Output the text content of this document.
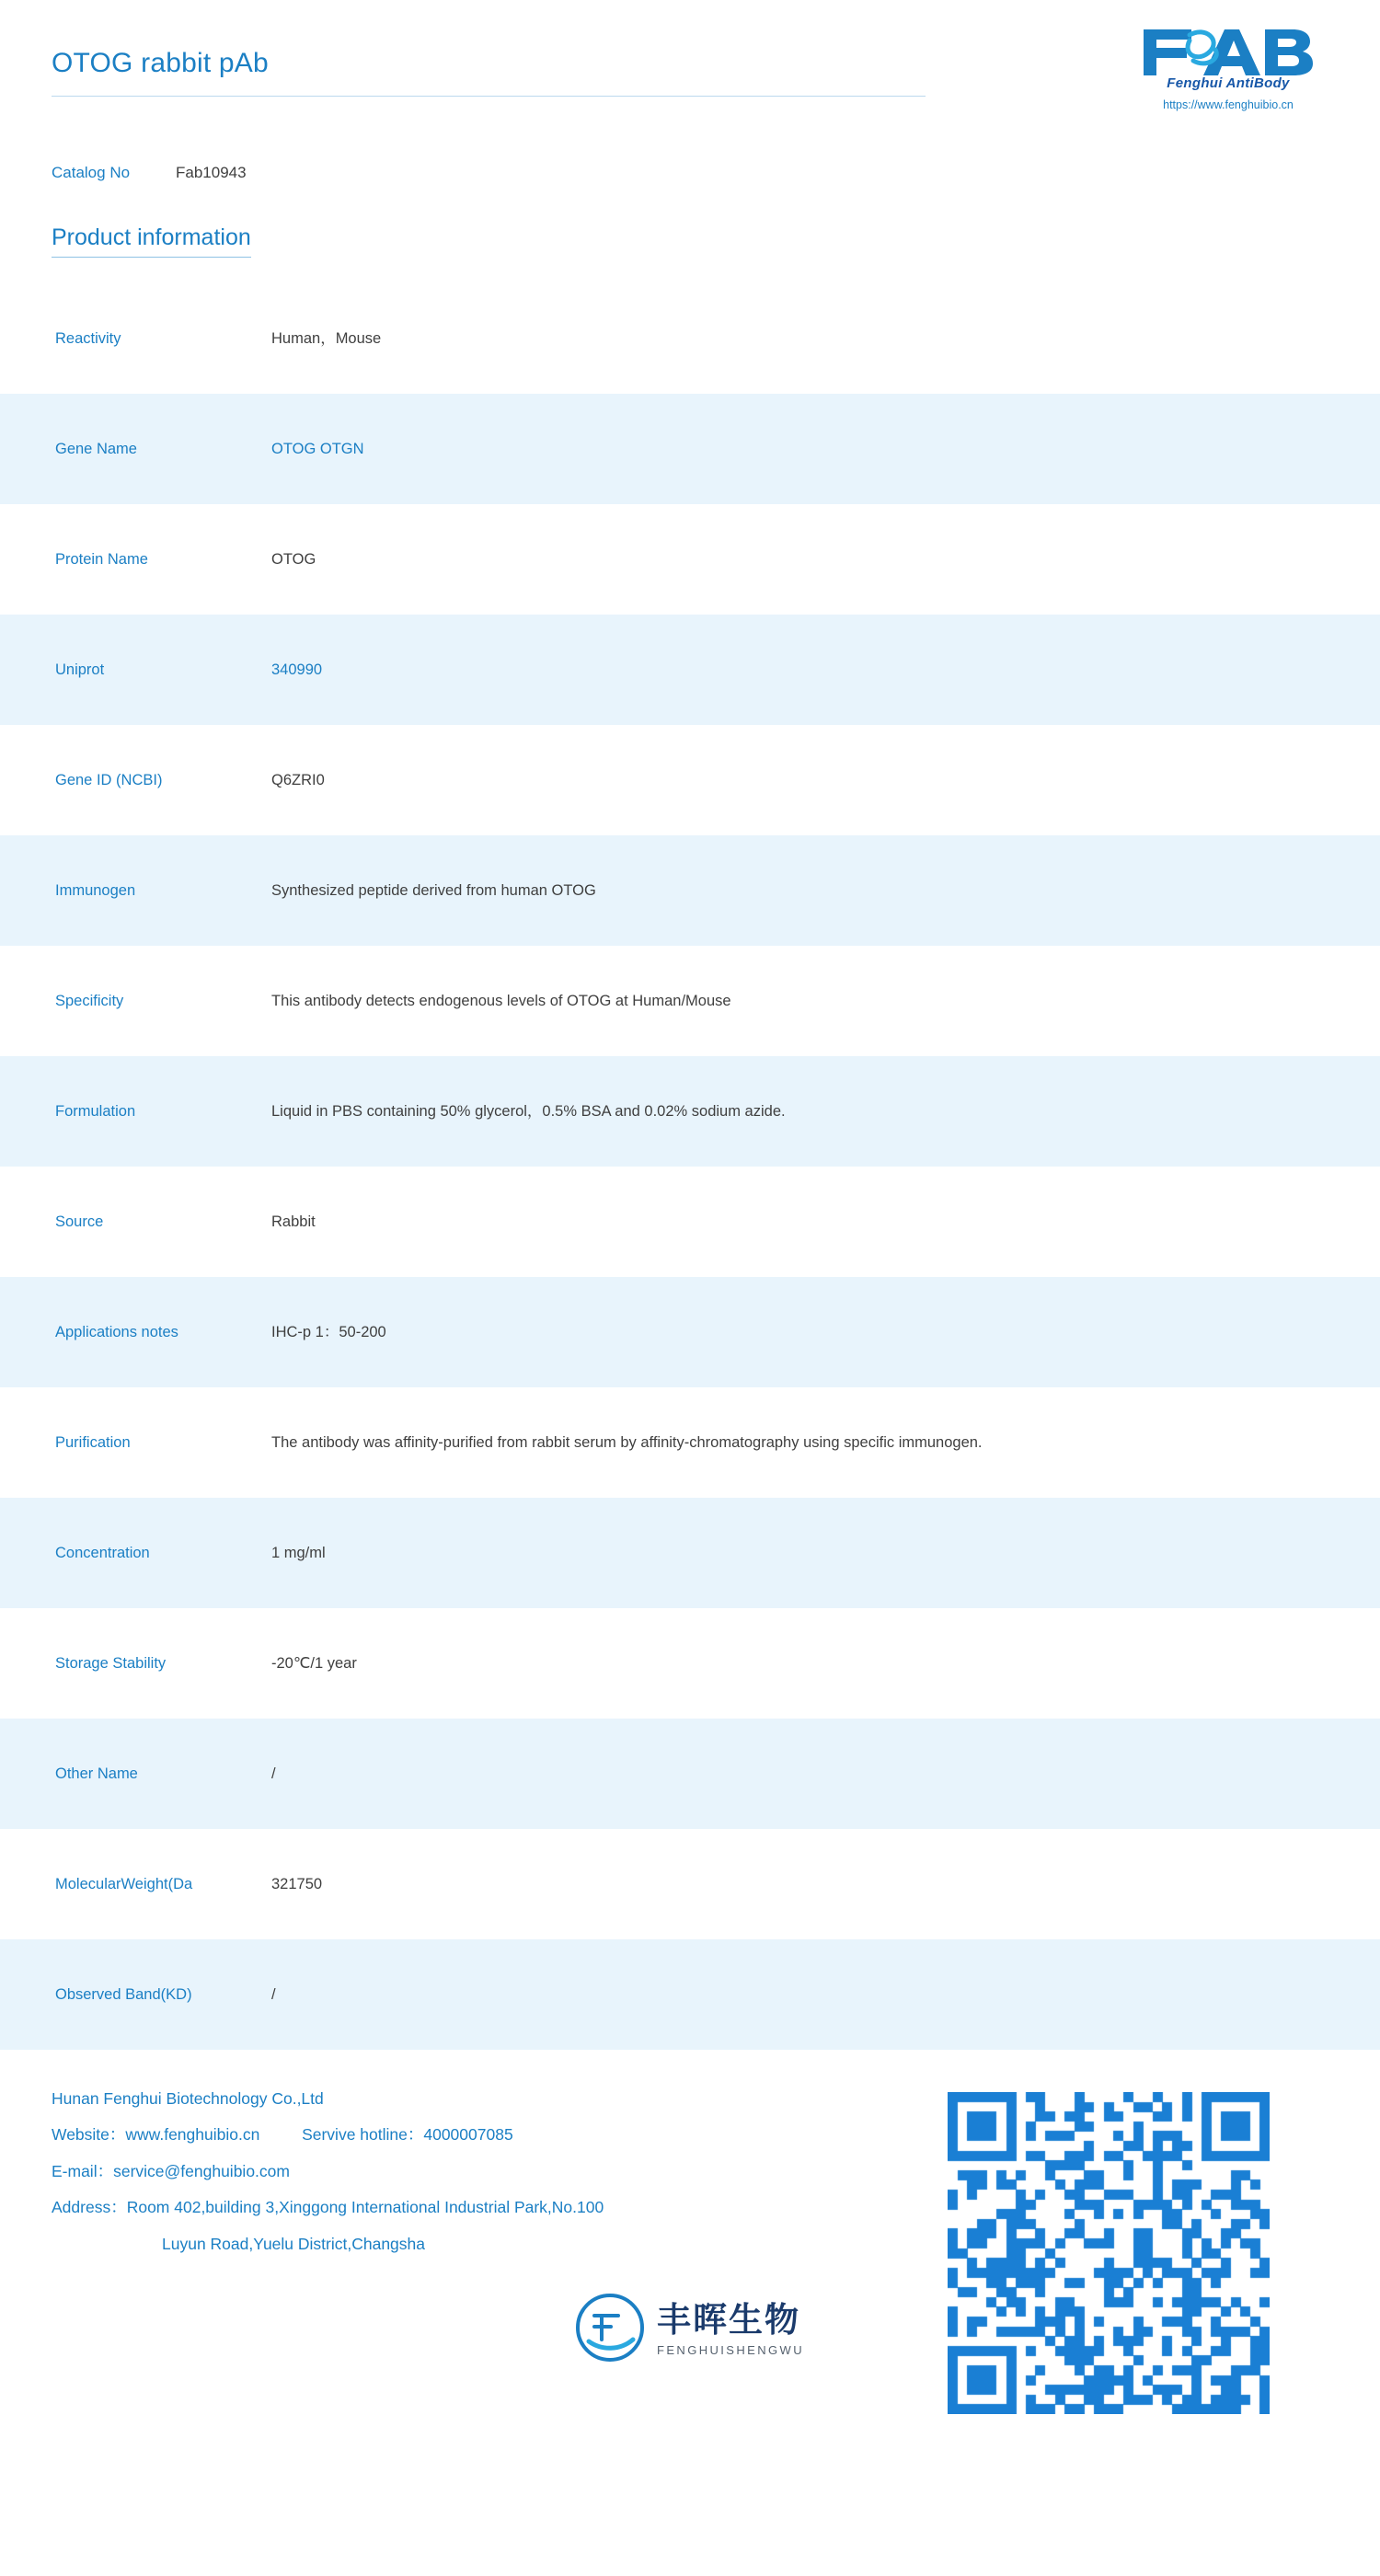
OTOG rabbit pAb
Fenghui AntiBody
https://www.fenghuibio.cn
Catalog No	Fab10943
Product information
Reactivity	Human，Mouse
Gene Name	OTOG OTGN
Protein Name	OTOG
Uniprot	340990
Gene ID (NCBI)	Q6ZRI0
Immunogen	Synthesized peptide derived from human OTOG
Specificity	This antibody detects endogenous levels of OTOG at Human/Mouse
Formulation	Liquid in PBS containing 50% glycerol，0.5% BSA and 0.02% sodium azide.
Source	Rabbit
Applications notes	IHC-p 1：50-200
Purification	The antibody was affinity-purified from rabbit serum by affinity-chromatography using specific immunogen.
Concentration	1 mg/ml
Storage Stability	-20℃/1 year
Other Name	/
MolecularWeight(Da	321750
Observed Band(KD)	/
Hunan Fenghui Biotechnology Co.,Ltd
Website：www.fenghuibio.cn	Servive hotline：4000007085
E-mail：service@fenghuibio.com
Address：Room 402,building 3,Xinggong International Industrial Park,No.100
Luyun Road,Yuelu District,Changsha
丰晖生物
FENGHUISHENGWU
